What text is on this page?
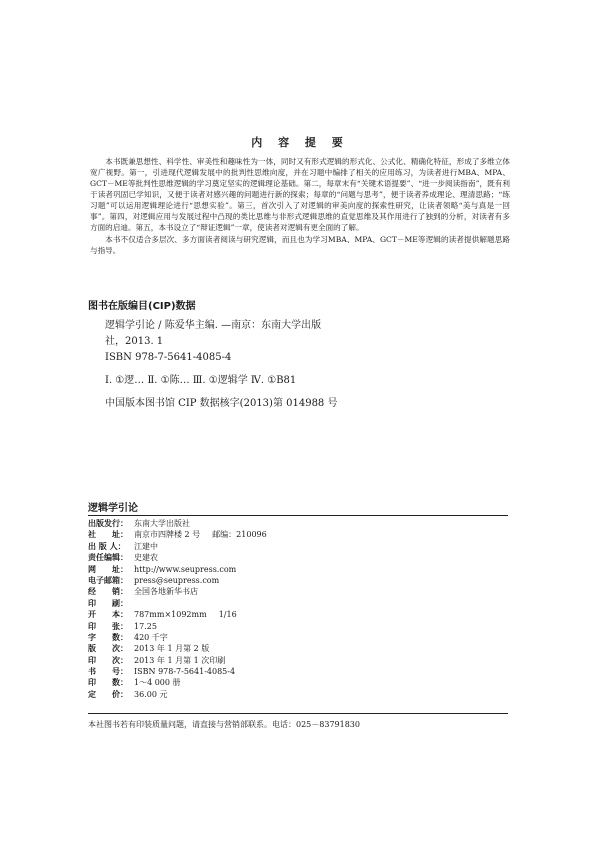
内 容 提 要

本书既兼思想性、科学性、审美性和趣味性为一体，同时又有形式逻辑的形式化、公式化、精确化特征，形成了多维立体宽广视野。第一，引进现代逻辑发展中的批判性思维向度，并在习题中编排了相关的应用练习，为读者进行MBA、MPA、GCT－ME等批判性思维逻辑的学习奠定坚实的逻辑理论基础。第二，每章末有“关键术语提要”、“进一步阅读指南”，既有利于读者巩固已学知识，又便于读者对感兴趣的问题进行新的探索；每章的“问题与思考”，便于读者养成理论、理清思路；“练习题”可以运用逻辑理论进行“思想实验”。第三，首次引入了对逻辑的审美向度的探索性研究，让读者领略“美与真是一回事”。第四，对逻辑应用与发展过程中凸现的类比思维与非形式逻辑思维的直觉思维及其作用进行了独到的分析，对读者有多方面的启迪。第五，本书设立了“辩证逻辑”一章，使读者对逻辑有更全面的了解。

本书不仅适合多层次、多方面读者阅读与研究逻辑，而且也为学习MBA、MPA、GCT－ME等逻辑的读者提供解题思路与指导。

图书在版编目(CIP)数据
逻辑学引论 / 陈爱华主编. —南京：东南大学出版
社，2013. 1
ISBN 978-7-5641-4085-4
Ⅰ. ①逻… Ⅱ. ①陈… Ⅲ. ①逻辑学 Ⅳ. ①B81
中国版本图书馆 CIP 数据核字(2013)第 014988 号
逻辑学引论
出版发行： 东南大学出版社
社　　址： 南京市四牌楼 2 号 邮编：210096
出 版 人：	江建中
责任编辑： 史建农
网　　址： http://www.seupress.com
电子邮箱： press@seupress.com
经　　销： 全国各地新华书店
印　　刷：
开　　本： 787mm×1092mm 1/16
印　　张： 17.25
字　　数： 420 千字
版　　次： 2013 年 1 月第 2 版
印　　次： 2013 年 1 月第 1 次印刷
书　　号： ISBN 978-7-5641-4085-4
印　　数： 1～4 000 册
定　　价： 36.00 元
本社图书若有印装质量问题，请直接与营销部联系。电话：025－83791830
